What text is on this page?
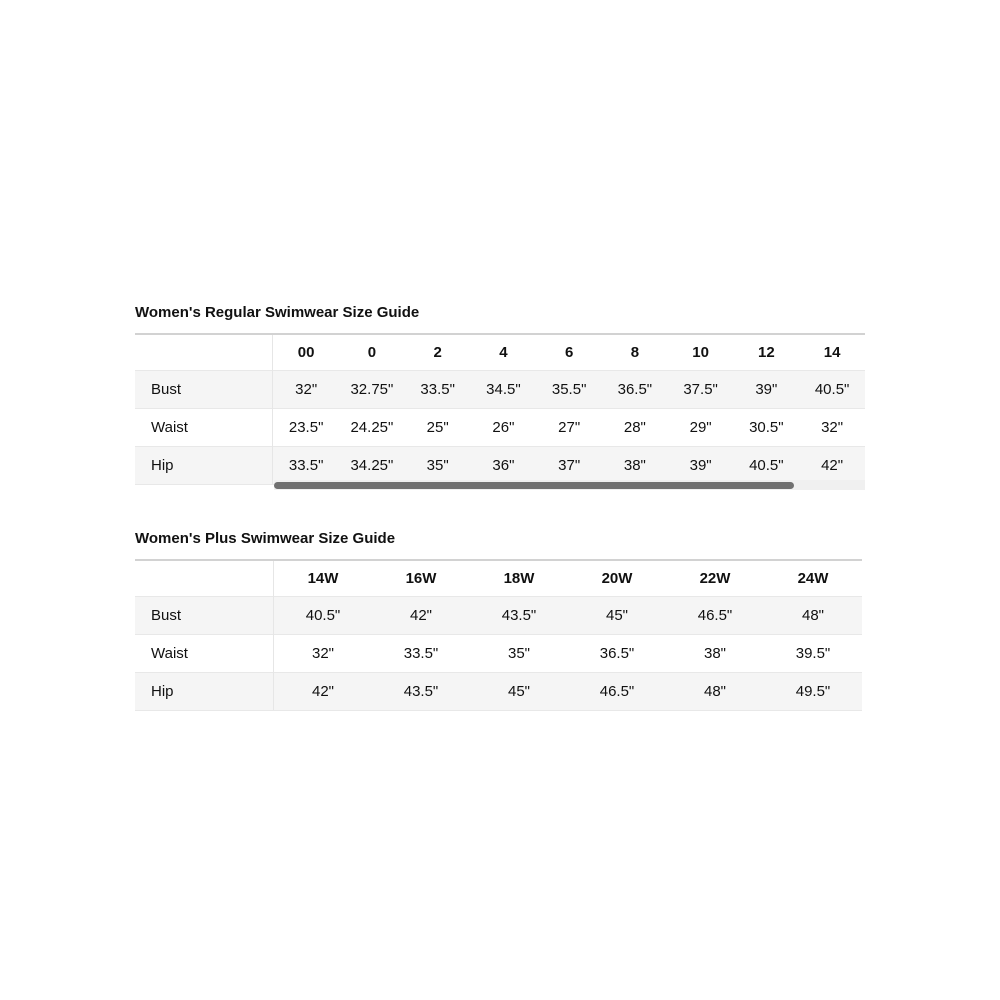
Women's Regular Swimwear Size Guide
	00	0	2	4	6	8	10	12	14
Bust	32"	32.75"	33.5"	34.5"	35.5"	36.5"	37.5"	39"	40.5"
Waist	23.5"	24.25"	25"	26"	27"	28"	29"	30.5"	32"
Hip	33.5"	34.25"	35"	36"	37"	38"	39"	40.5"	42"
Women's Plus Swimwear Size Guide
	14W	16W	18W	20W	22W	24W
Bust	40.5"	42"	43.5"	45"	46.5"	48"
Waist	32"	33.5"	35"	36.5"	38"	39.5"
Hip	42"	43.5"	45"	46.5"	48"	49.5"
